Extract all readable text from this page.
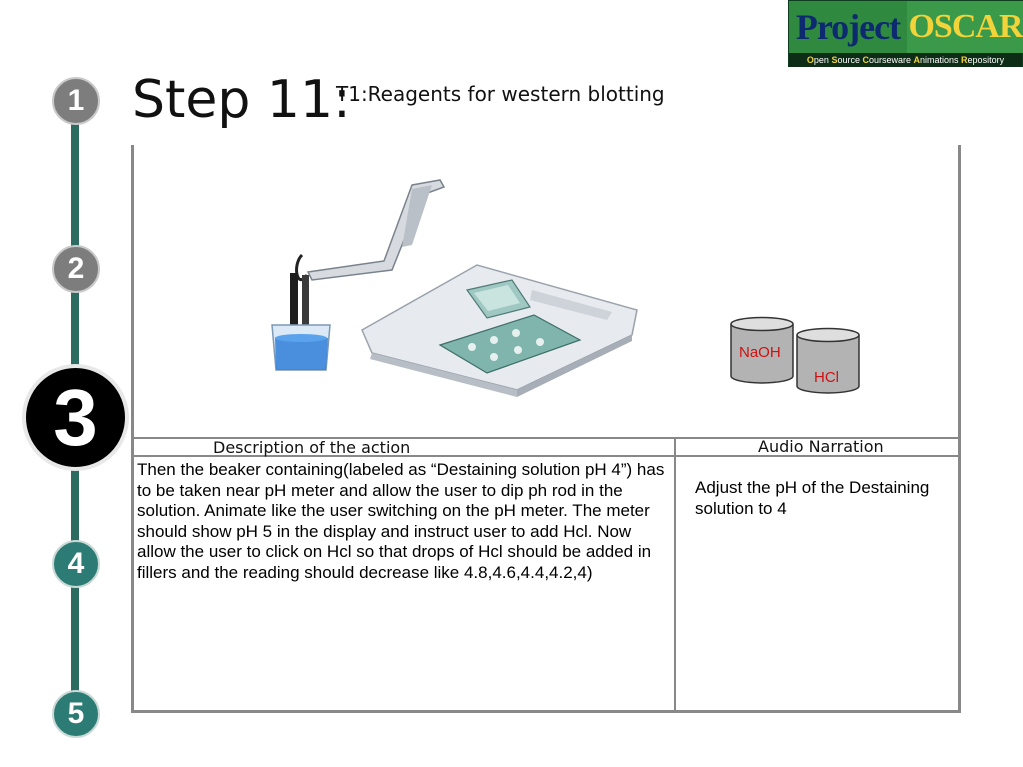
Project OSCAR
Open Source Courseware Animations Repository
1
2
3
4
5
Step 11:
T1:Reagents for western blotting
NaOH
HCl
Description of the action	Audio Narration
Then the beaker containing(labeled as “Destaining solution pH 4”) has to be taken near pH meter and allow the user to dip ph rod in the solution. Animate like the user switching on the pH meter. The meter should show pH 5 in the display and instruct user to add Hcl. Now allow the user to click on Hcl so that drops of Hcl should be added in fillers and the reading should decrease like 4.8,4.6,4.4,4.2,4)
Adjust the pH of the Destaining solution to 4
